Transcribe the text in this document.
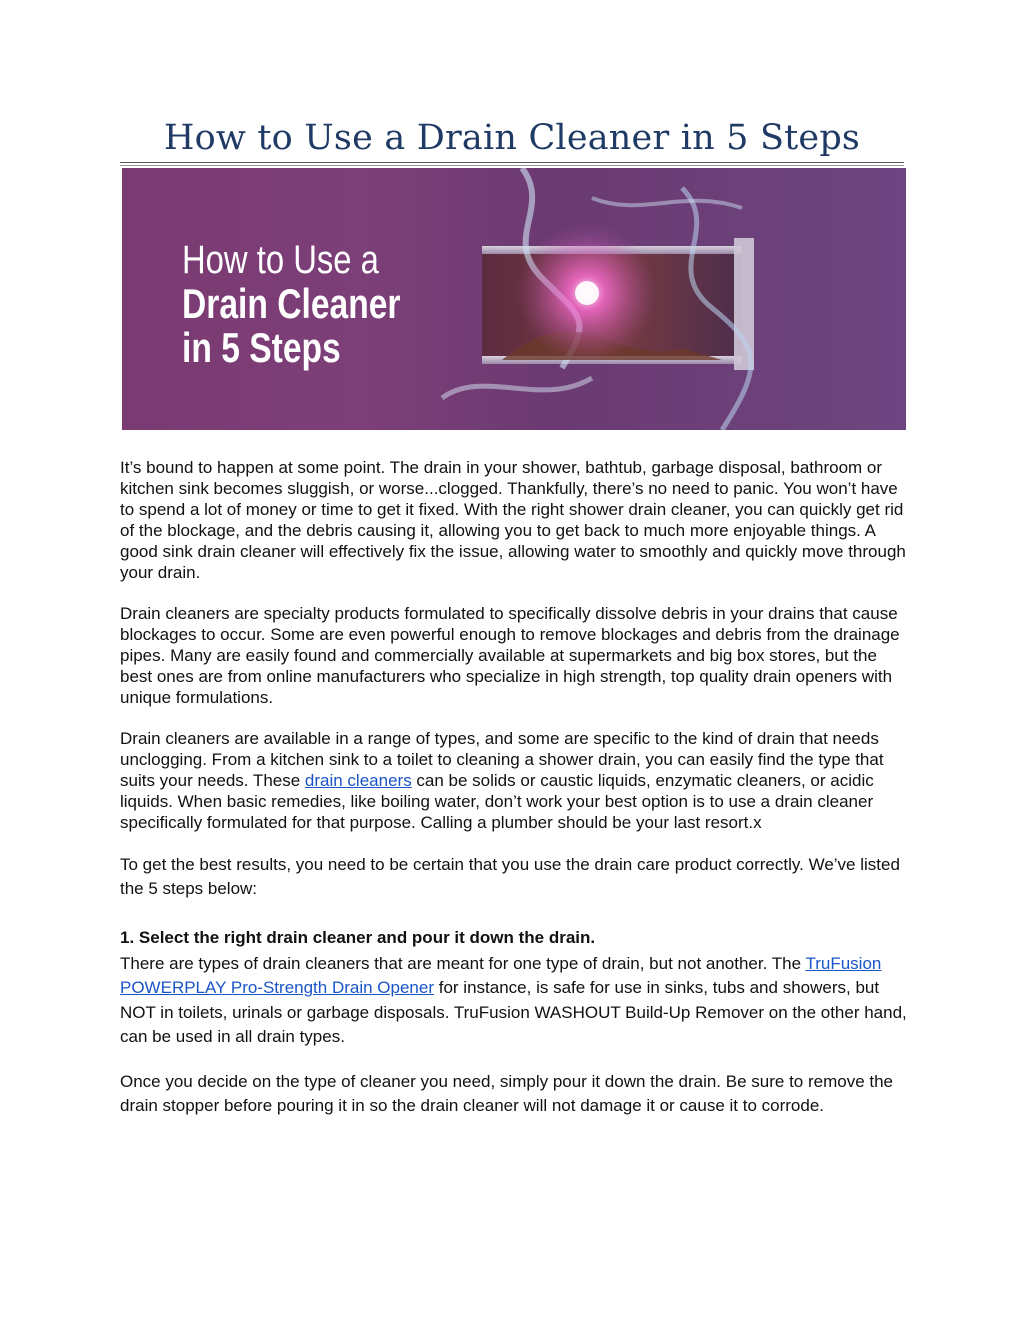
How to Use a Drain Cleaner in 5 Steps
How to Use a
Drain Cleaner
in 5 Steps

It’s bound to happen at some point. The drain in your shower, bathtub, garbage disposal, bathroom or kitchen sink becomes sluggish, or worse...clogged. Thankfully, there’s no need to panic. You won’t have to spend a lot of money or time to get it fixed. With the right shower drain cleaner, you can quickly get rid of the blockage, and the debris causing it, allowing you to get back to much more enjoyable things. A good sink drain cleaner will effectively fix the issue, allowing water to smoothly and quickly move through your drain.

Drain cleaners are specialty products formulated to specifically dissolve debris in your drains that cause blockages to occur. Some are even powerful enough to remove blockages and debris from the drainage pipes. Many are easily found and commercially available at supermarkets and big box stores, but the best ones are from online manufacturers who specialize in high strength, top quality drain openers with unique formulations.

Drain cleaners are available in a range of types, and some are specific to the kind of drain that needs unclogging. From a kitchen sink to a toilet to cleaning a shower drain, you can easily find the type that suits your needs. These drain cleaners can be solids or caustic liquids, enzymatic cleaners, or acidic liquids. When basic remedies, like boiling water, don’t work your best option is to use a drain cleaner specifically formulated for that purpose. Calling a plumber should be your last resort.x

To get the best results, you need to be certain that you use the drain care product correctly. We’ve listed the 5 steps below:

1. Select the right drain cleaner and pour it down the drain.

There are types of drain cleaners that are meant for one type of drain, but not another. The TruFusion POWERPLAY Pro-Strength Drain Opener for instance, is safe for use in sinks, tubs and showers, but NOT in toilets, urinals or garbage disposals. TruFusion WASHOUT Build-Up Remover on the other hand, can be used in all drain types.

Once you decide on the type of cleaner you need, simply pour it down the drain. Be sure to remove the drain stopper before pouring it in so the drain cleaner will not damage it or cause it to corrode.
